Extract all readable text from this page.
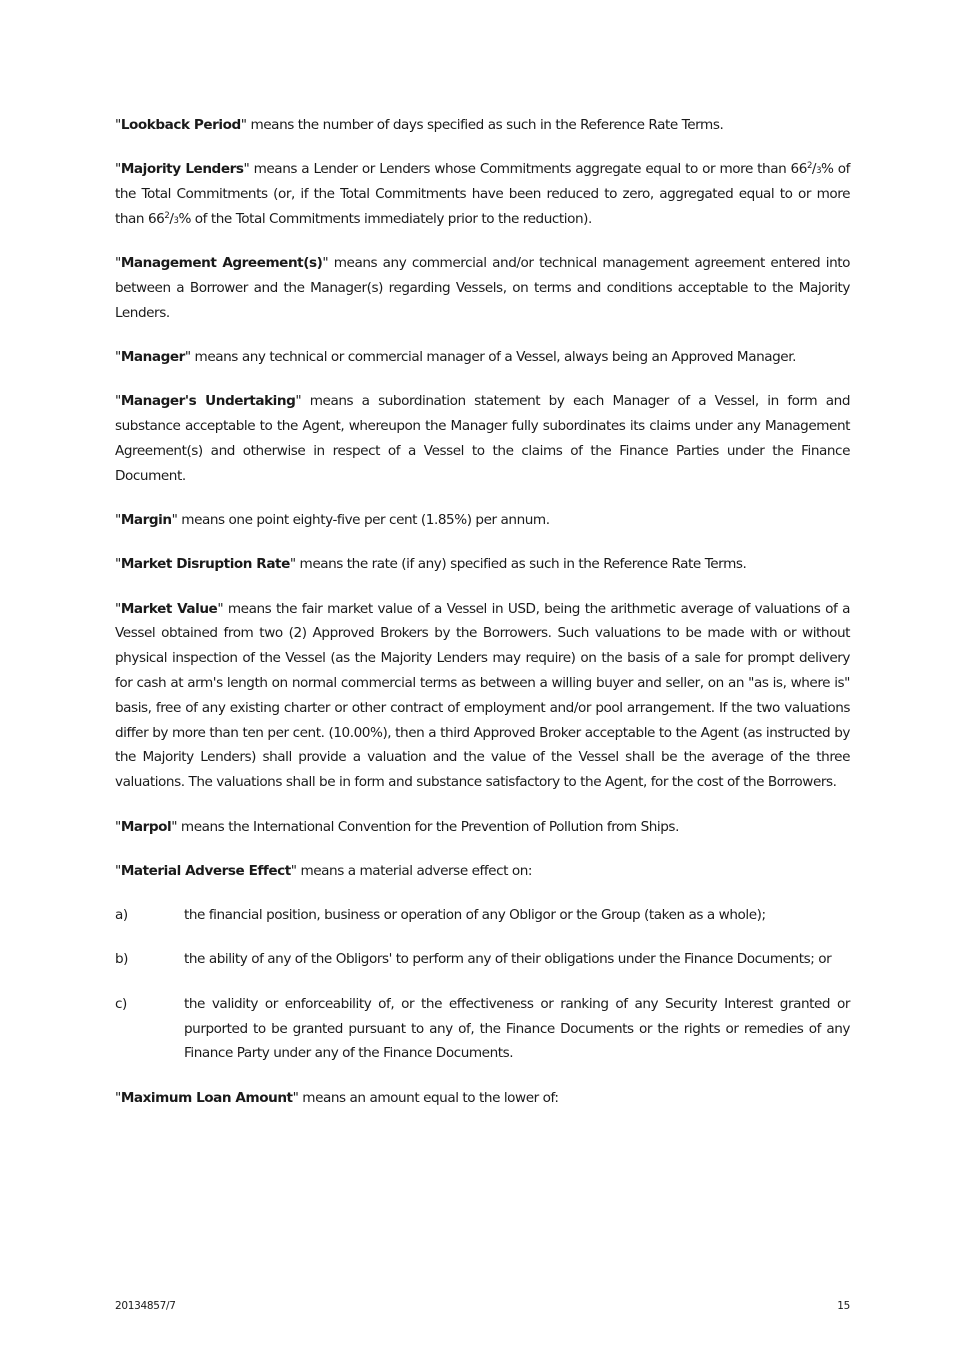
"Lookback Period" means the number of days specified as such in the Reference Rate Terms.

"Majority Lenders" means a Lender or Lenders whose Commitments aggregate equal to or more than $66^2/3\%$ of the Total Commitments (or, if the Total Commitments have been reduced to zero, aggregated equal to or more than $66^2/3\%$ of the Total Commitments immediately prior to the reduction).

"Management Agreement(s)" means any commercial and/or technical management agreement entered into between a Borrower and the Manager(s) regarding Vessels, on terms and conditions acceptable to the Majority Lenders.

"Manager" means any technical or commercial manager of a Vessel, always being an Approved Manager.

"Manager's Undertaking" means a subordination statement by each Manager of a Vessel, in form and substance acceptable to the Agent, whereupon the Manager fully subordinates its claims under any Management Agreement(s) and otherwise in respect of a Vessel to the claims of the Finance Parties under the Finance Document.

"Margin" means one point eighty-five per cent (1.85%) per annum.

"Market Disruption Rate" means the rate (if any) specified as such in the Reference Rate Terms.

"Market Value" means the fair market value of a Vessel in USD, being the arithmetic average of valuations of a Vessel obtained from two (2) Approved Brokers by the Borrowers. Such valuations to be made with or without physical inspection of the Vessel (as the Majority Lenders may require) on the basis of a sale for prompt delivery for cash at arm's length on normal commercial terms as between a willing buyer and seller, on an "as is, where is" basis, free of any existing charter or other contract of employment and/or pool arrangement. If the two valuations differ by more than ten per cent. (10.00%), then a third Approved Broker acceptable to the Agent (as instructed by the Majority Lenders) shall provide a valuation and the value of the Vessel shall be the average of the three valuations. The valuations shall be in form and substance satisfactory to the Agent, for the cost of the Borrowers.

"Marpol" means the International Convention for the Prevention of Pollution from Ships.

"Material Adverse Effect" means a material adverse effect on:

a)	the financial position, business or operation of any Obligor or the Group (taken as a whole);
b)	the ability of any of the Obligors' to perform any of their obligations under the Finance Documents; or
c)	the validity or enforceability of, or the effectiveness or ranking of any Security Interest granted or purported to be granted pursuant to any of, the Finance Documents or the rights or remedies of any Finance Party under any of the Finance Documents.

"Maximum Loan Amount" means an amount equal to the lower of:

20134857/7	15
